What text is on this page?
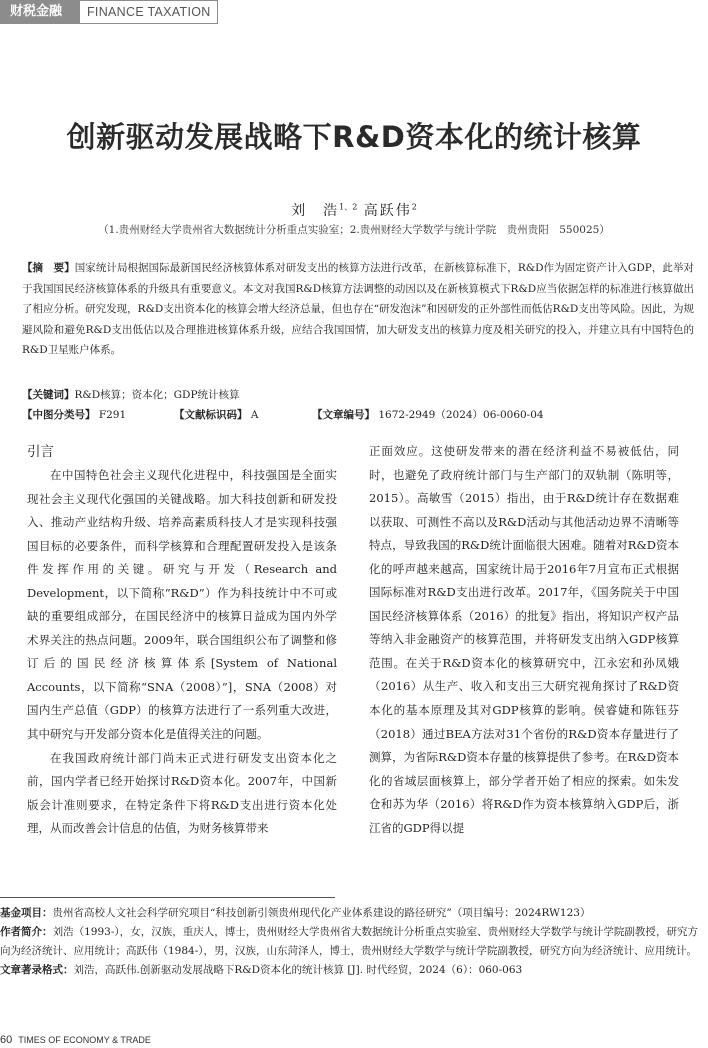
财税金融	FINANCE TAXATION
创新驱动发展战略下R&D资本化的统计核算
刘　浩$^{1、2}$ 高跃伟$^2$
（1.贵州财经大学贵州省大数据统计分析重点实验室；2.贵州财经大学数学与统计学院　贵州贵阳　550025）
【摘　要】国家统计局根据国际最新国民经济核算体系对研发支出的核算方法进行改革，在新核算标准下，R&D作为固定资产计入GDP，此举对于我国国民经济核算体系的升级具有重要意义。本文对我国R&D核算方法调整的动因以及在新核算模式下R&D应当依据怎样的标准进行核算做出了相应分析。研究发现，R&D支出资本化的核算会增大经济总量，但也存在“研发泡沫”和因研发的正外部性而低估R&D支出等风险。因此，为规避风险和避免R&D支出低估以及合理推进核算体系升级，应结合我国国情，加大研发支出的核算力度及相关研究的投入，并建立具有中国特色的R&D卫星账户体系。
【关键词】R&D核算；资本化；GDP统计核算
【中图分类号】 F291	【文献标识码】 A	【文章编号】 1672-2949（2024）06-0060-04
引言

在中国特色社会主义现代化进程中，科技强国是全面实现社会主义现代化强国的关键战略。加大科技创新和研发投入、推动产业结构升级、培养高素质科技人才是实现科技强国目标的必要条件，而科学核算和合理配置研发投入是该条件发挥作用的关键。研究与开发（Research and Development，以下简称“R&D”）作为科技统计中不可或缺的重要组成部分，在国民经济中的核算日益成为国内外学术界关注的热点问题。2009年，联合国组织公布了调整和修订后的国民经济核算体系[System of National Accounts，以下简称“SNA（2008）”]，SNA（2008）对国内生产总值（GDP）的核算方法进行了一系列重大改进，其中研究与开发部分资本化是值得关注的问题。

在我国政府统计部门尚未正式进行研发支出资本化之前，国内学者已经开始探讨R&D资本化。2007年，中国新版会计准则要求，在特定条件下将R&D支出进行资本化处理，从而改善会计信息的估值，为财务核算带来

正面效应。这使研发带来的潜在经济利益不易被低估，同时，也避免了政府统计部门与生产部门的双轨制（陈明等，2015）。高敏雪（2015）指出，由于R&D统计存在数据难以获取、可测性不高以及R&D活动与其他活动边界不清晰等特点，导致我国的R&D统计面临很大困难。随着对R&D资本化的呼声越来越高，国家统计局于2016年7月宣布正式根据国际标准对R&D支出进行改革。2017年，《国务院关于中国国民经济核算体系（2016）的批复》指出，将知识产权产品等纳入非金融资产的核算范围，并将研发支出纳入GDP核算范围。在关于R&D资本化的核算研究中，江永宏和孙凤娥（2016）从生产、收入和支出三大研究视角探讨了R&D资本化的基本原理及其对GDP核算的影响。侯睿婕和陈钰芬（2018）通过BEA方法对31个省份的R&D资本存量进行了测算，为省际R&D资本存量的核算提供了参考。在R&D资本化的省域层面核算上，部分学者开始了相应的探索。如朱发仓和苏为华（2016）将R&D作为资本核算纳入GDP后，浙江省的GDP得以提

基金项目：贵州省高校人文社会科学研究项目“科技创新引领贵州现代化产业体系建设的路径研究”（项目编号：2024RW123）

作者简介：刘浩（1993-），女，汉族，重庆人，博士，贵州财经大学贵州省大数据统计分析重点实验室、贵州财经大学数学与统计学院副教授，研究方向为经济统计、应用统计；高跃伟（1984-），男，汉族，山东菏泽人，博士，贵州财经大学数学与统计学院副教授，研究方向为经济统计、应用统计。

文章著录格式：刘浩，高跃伟.创新驱动发展战略下R&D资本化的统计核算 [J]. 时代经贸，2024（6）：060-063

60 TIMES OF ECONOMY & TRADE
